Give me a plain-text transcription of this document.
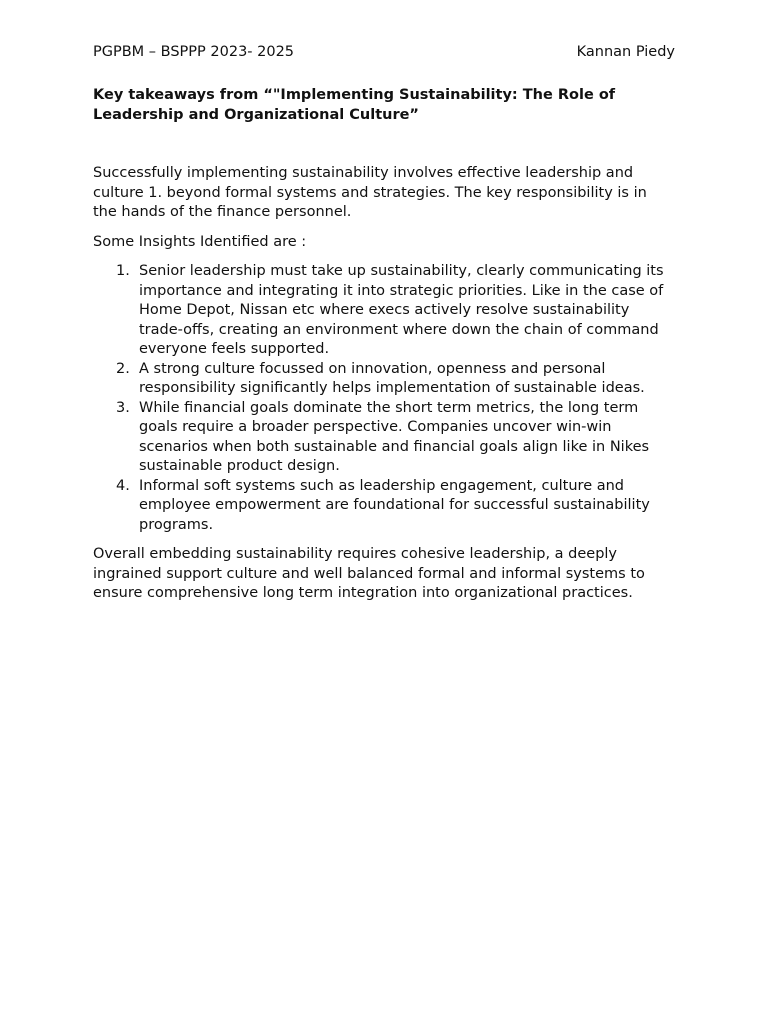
PGPBM – BSPPP 2023- 2025	Kannan Piedy
Key takeaways from “"Implementing Sustainability: The Role of Leadership and Organizational Culture”

Successfully implementing sustainability involves effective leadership and culture 1. beyond formal systems and strategies. The key responsibility is in the hands of the finance personnel.

Some Insights Identified are :

1. Senior leadership must take up sustainability, clearly communicating its importance and integrating it into strategic priorities. Like in the case of Home Depot, Nissan etc where execs actively resolve sustainability trade-offs, creating an environment where down the chain of command everyone feels supported.
2. A strong culture focussed on innovation, openness and personal responsibility significantly helps implementation of sustainable ideas.
3. While financial goals dominate the short term metrics, the long term goals require a broader perspective. Companies uncover win-win scenarios when both sustainable and financial goals align like in Nikes sustainable product design.
4. Informal soft systems such as leadership engagement, culture and employee empowerment are foundational for successful sustainability programs.

Overall embedding sustainability requires cohesive leadership, a deeply ingrained support culture and well balanced formal and informal systems to ensure comprehensive long term integration into organizational practices.
